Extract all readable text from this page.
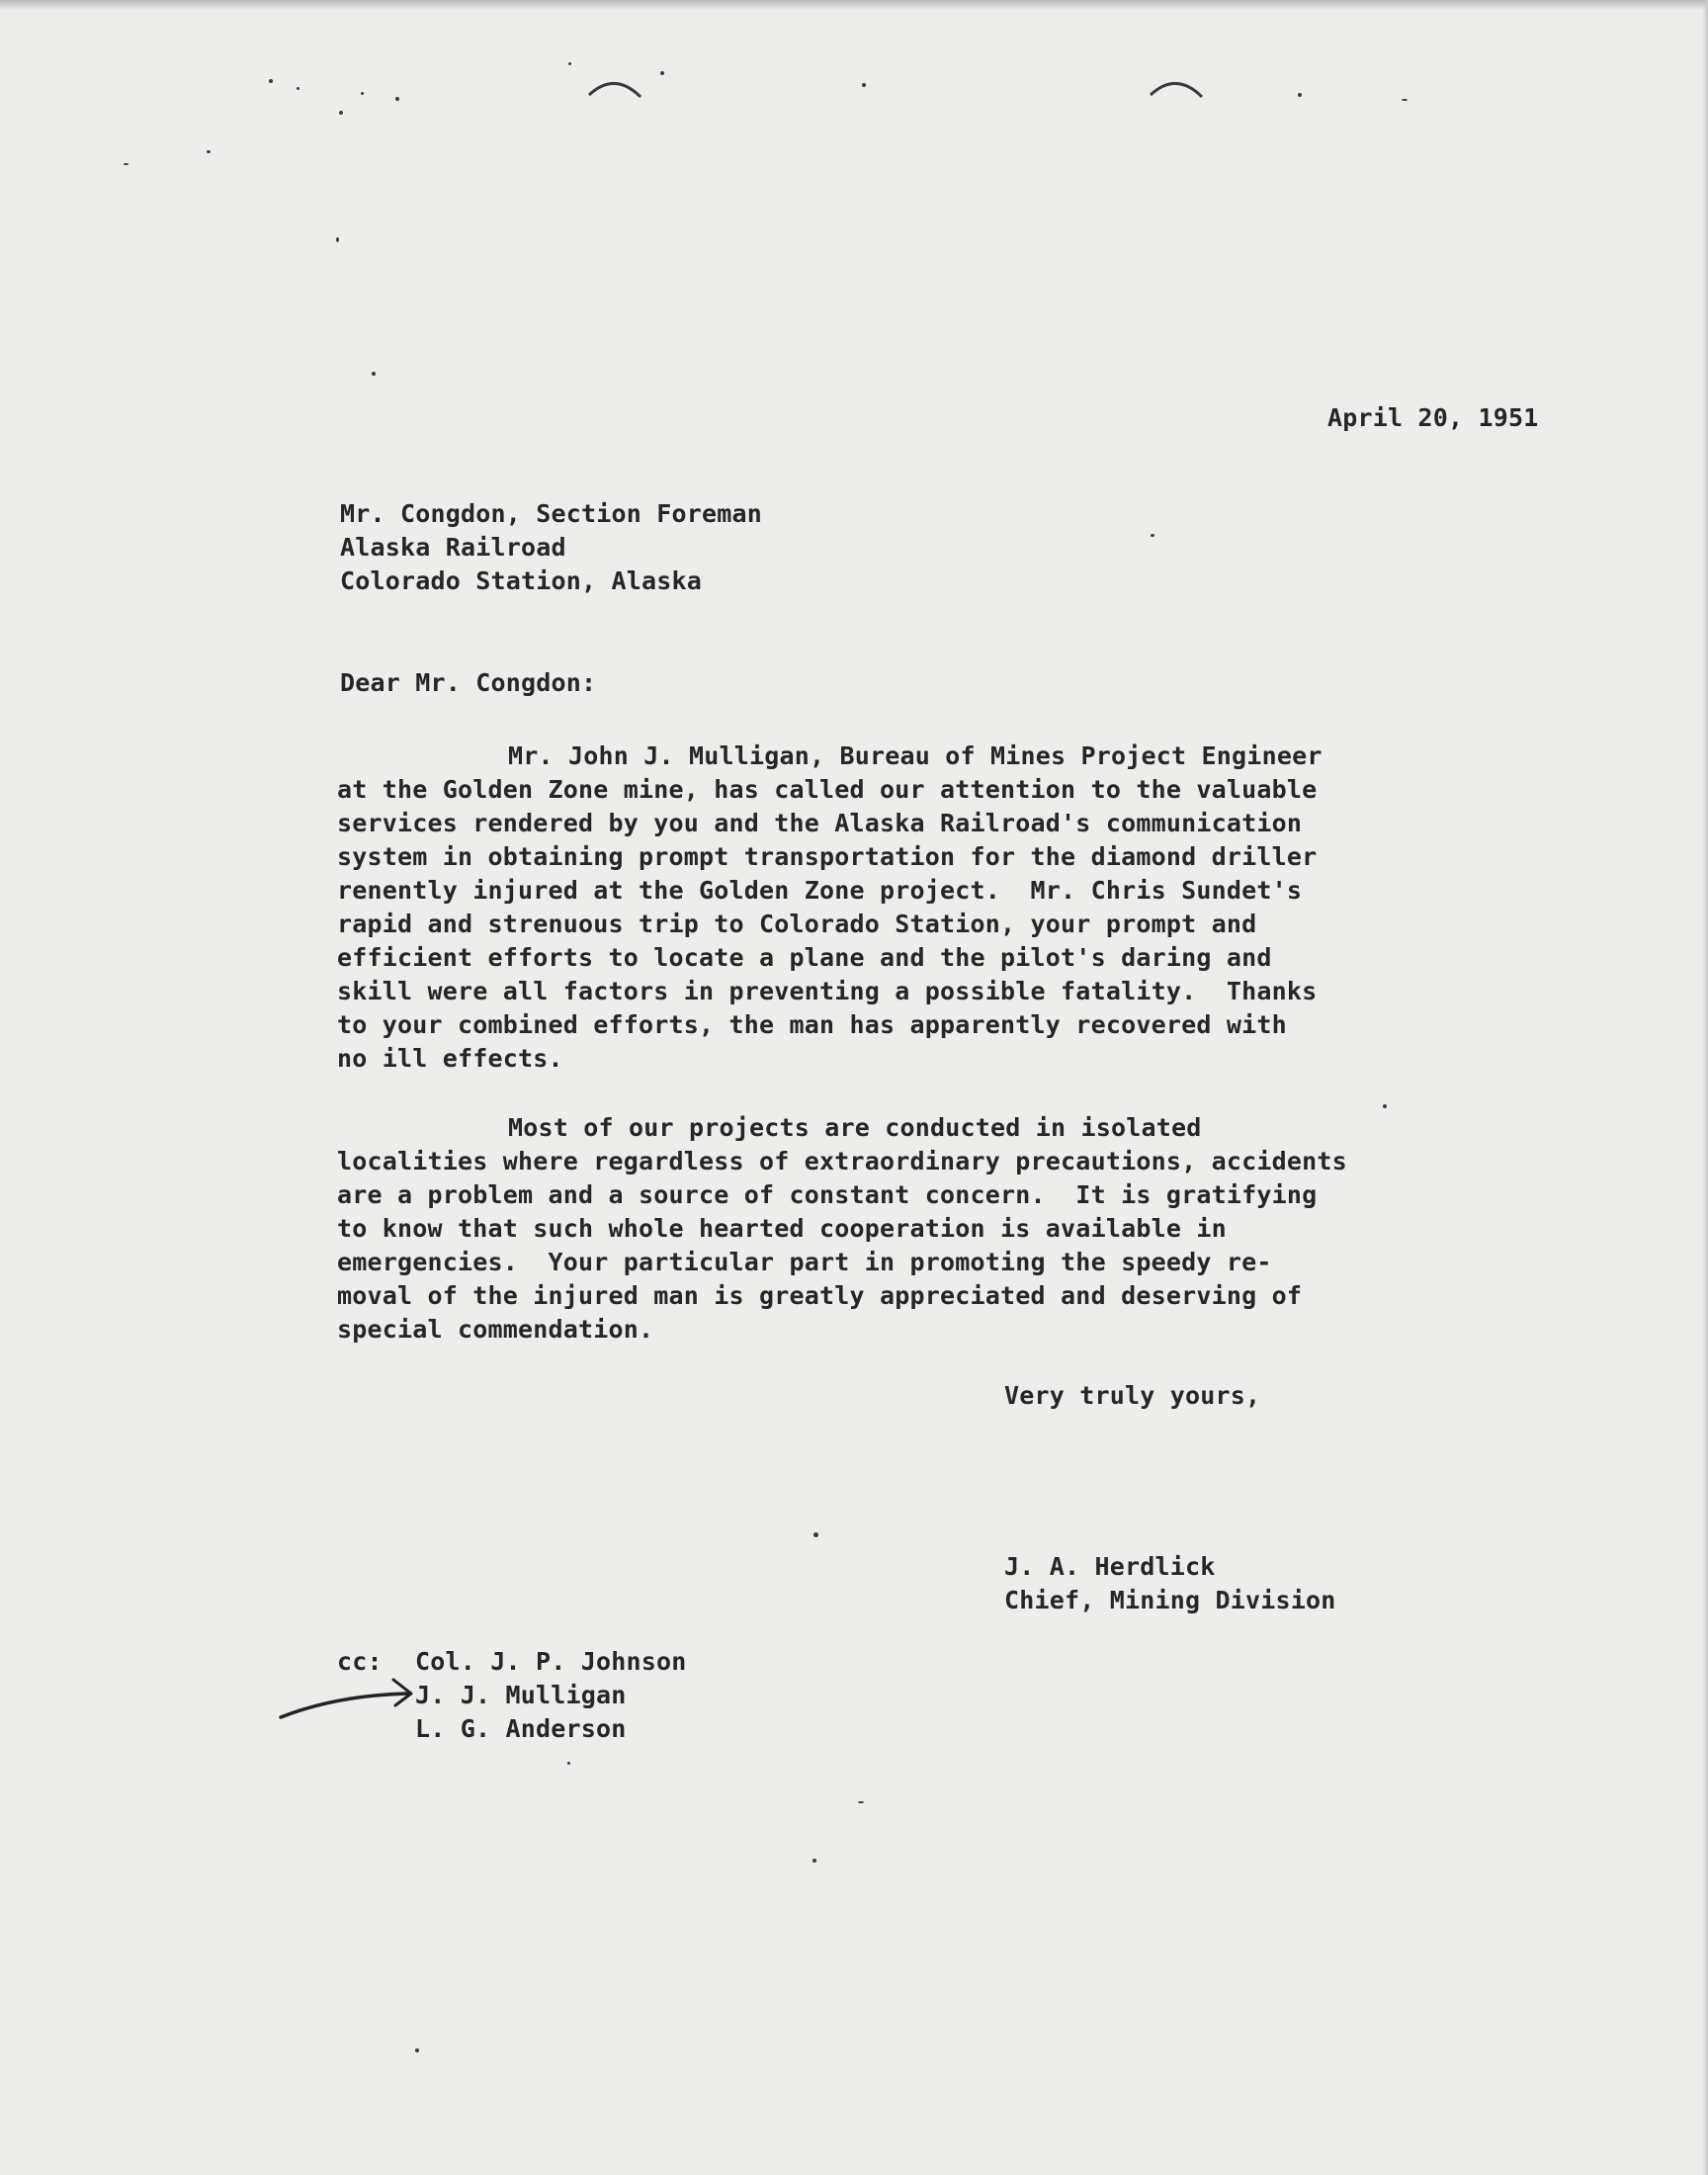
April 20, 1951
Mr. Congdon, Section Foreman
Alaska Railroad
Colorado Station, Alaska
Dear Mr. Congdon:
Mr. John J. Mulligan, Bureau of Mines Project Engineer
at the Golden Zone mine, has called our attention to the valuable
services rendered by you and the Alaska Railroad's communication
system in obtaining prompt transportation for the diamond driller
renently injured at the Golden Zone project.  Mr. Chris Sundet's
rapid and strenuous trip to Colorado Station, your prompt and
efficient efforts to locate a plane and the pilot's daring and
skill were all factors in preventing a possible fatality.  Thanks
to your combined efforts, the man has apparently recovered with
no ill effects.
Most of our projects are conducted in isolated
localities where regardless of extraordinary precautions, accidents
are a problem and a source of constant concern.  It is gratifying
to know that such whole hearted cooperation is available in
emergencies.  Your particular part in promoting the speedy re-
moval of the injured man is greatly appreciated and deserving of
special commendation.
Very truly yours,
J. A. Herdlick
Chief, Mining Division
cc: Col. J. P. Johnson
J. J. Mulligan
L. G. Anderson
